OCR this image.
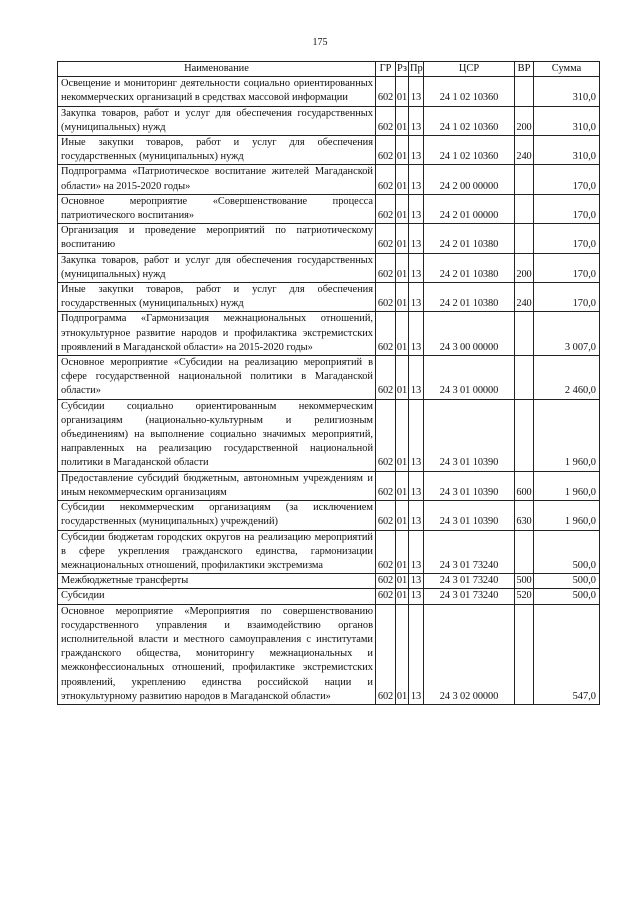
175
Наименование	ГР	Рз	Пр	ЦСР	ВР	Сумма
Освещение и мониторинг деятельности социально ориентированных некоммерческих организаций в средствах массовой информации	602	01	13	24 1 02 10360		310,0
Закупка товаров, работ и услуг для обеспечения государственных (муниципальных) нужд	602	01	13	24 1 02 10360	200	310,0
Иные закупки товаров, работ и услуг для обеспечения государственных (муниципальных) нужд	602	01	13	24 1 02 10360	240	310,0
Подпрограмма «Патриотическое воспитание жителей Магаданской области» на 2015-2020 годы»	602	01	13	24 2 00 00000		170,0
Основное мероприятие «Совершенствование процесса патриотического воспитания»	602	01	13	24 2 01 00000		170,0
Организация и проведение мероприятий по патриотическому воспитанию	602	01	13	24 2 01 10380		170,0
Закупка товаров, работ и услуг для обеспечения государственных (муниципальных) нужд	602	01	13	24 2 01 10380	200	170,0
Иные закупки товаров, работ и услуг для обеспечения государственных (муниципальных) нужд	602	01	13	24 2 01 10380	240	170,0
Подпрограмма «Гармонизация межнациональных отношений, этнокультурное развитие народов и профилактика экстремистских проявлений в Магаданской области» на 2015-2020 годы»	602	01	13	24 3 00 00000		3 007,0
Основное мероприятие «Субсидии на реализацию мероприятий в сфере государственной национальной политики в Магаданской области»	602	01	13	24 3 01 00000		2 460,0
Субсидии социально ориентированным некоммерческим организациям (национально-культурным и религиозным объединениям) на выполнение социально значимых мероприятий, направленных на реализацию государственной национальной политики в Магаданской области	602	01	13	24 3 01 10390		1 960,0
Предоставление субсидий бюджетным, автономным учреждениям и иным некоммерческим организациям	602	01	13	24 3 01 10390	600	1 960,0
Субсидии некоммерческим организациям (за исключением государственных (муниципальных) учреждений)	602	01	13	24 3 01 10390	630	1 960,0
Субсидии бюджетам городских округов на реализацию мероприятий в сфере укрепления гражданского единства, гармонизации межнациональных отношений, профилактики экстремизма	602	01	13	24 3 01 73240		500,0
Межбюджетные трансферты	602	01	13	24 3 01 73240	500	500,0
Субсидии	602	01	13	24 3 01 73240	520	500,0
Основное мероприятие «Мероприятия по совершенствованию государственного управления и взаимодействию органов исполнительной власти и местного самоуправления с институтами гражданского общества, мониторингу межнациональных и межконфессиональных отношений, профилактике экстремистских проявлений, укреплению единства российской нации и этнокультурному развитию народов в Магаданской области»	602	01	13	24 3 02 00000		547,0
